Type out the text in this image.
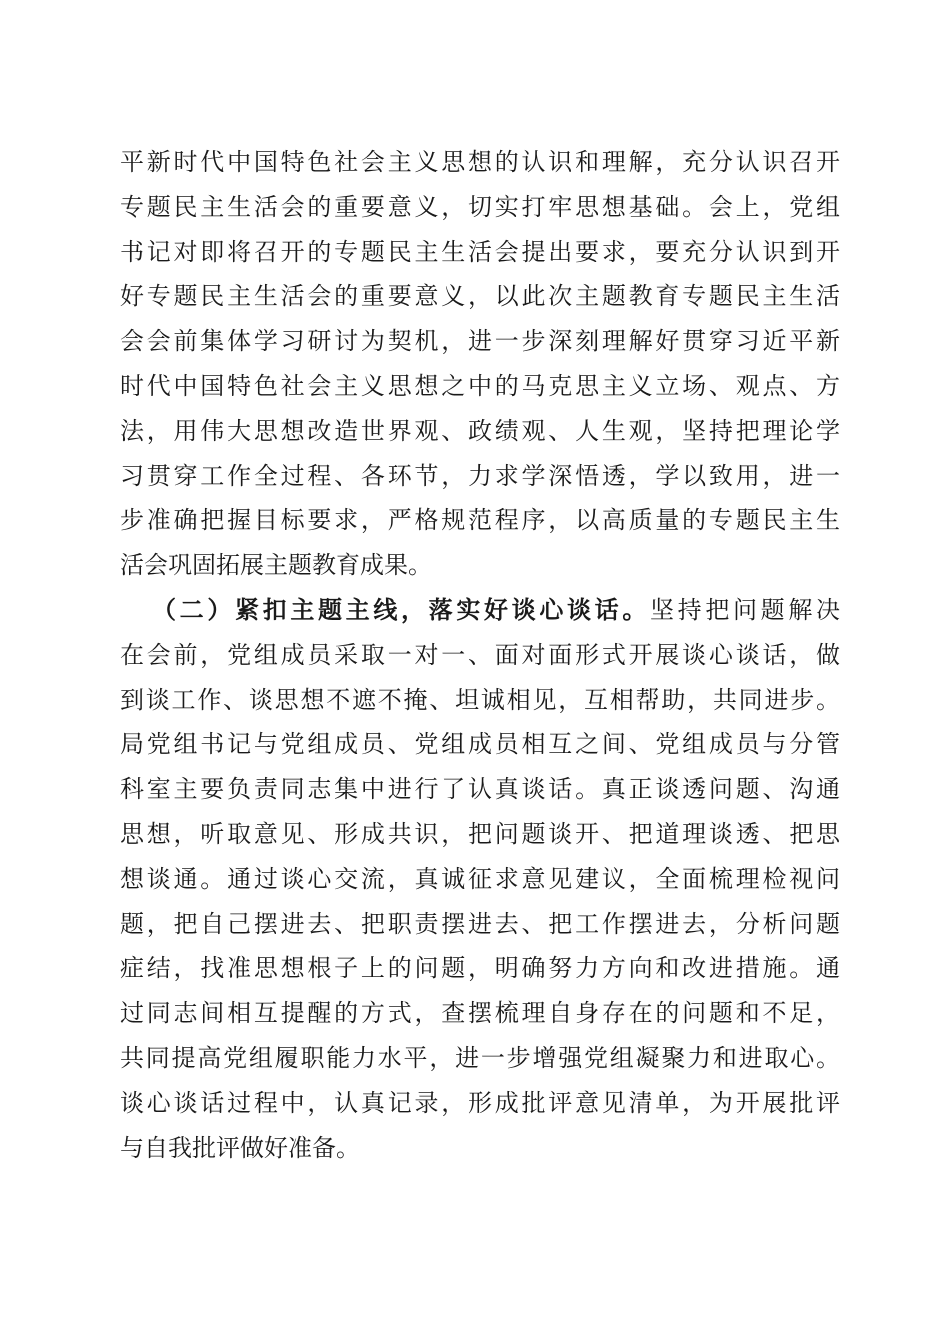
平新时代中国特色社会主义思想的认识和理解，充分认识召开
专题民主生活会的重要意义，切实打牢思想基础。会上，党组
书记对即将召开的专题民主生活会提出要求，要充分认识到开
好专题民主生活会的重要意义，以此次主题教育专题民主生活
会会前集体学习研讨为契机，进一步深刻理解好贯穿习近平新
时代中国特色社会主义思想之中的马克思主义立场、观点、方
法，用伟大思想改造世界观、政绩观、人生观，坚持把理论学
习贯穿工作全过程、各环节，力求学深悟透，学以致用，进一
步准确把握目标要求，严格规范程序，以高质量的专题民主生
活会巩固拓展主题教育成果。
（二）紧扣主题主线，落实好谈心谈话。坚持把问题解决
在会前，党组成员采取一对一、面对面形式开展谈心谈话，做
到谈工作、谈思想不遮不掩、坦诚相见，互相帮助，共同进步。
局党组书记与党组成员、党组成员相互之间、党组成员与分管
科室主要负责同志集中进行了认真谈话。真正谈透问题、沟通
思想，听取意见、形成共识，把问题谈开、把道理谈透、把思
想谈通。通过谈心交流，真诚征求意见建议，全面梳理检视问
题，把自己摆进去、把职责摆进去、把工作摆进去，分析问题
症结，找准思想根子上的问题，明确努力方向和改进措施。通
过同志间相互提醒的方式，查摆梳理自身存在的问题和不足，
共同提高党组履职能力水平，进一步增强党组凝聚力和进取心。
谈心谈话过程中，认真记录，形成批评意见清单，为开展批评
与自我批评做好准备。
